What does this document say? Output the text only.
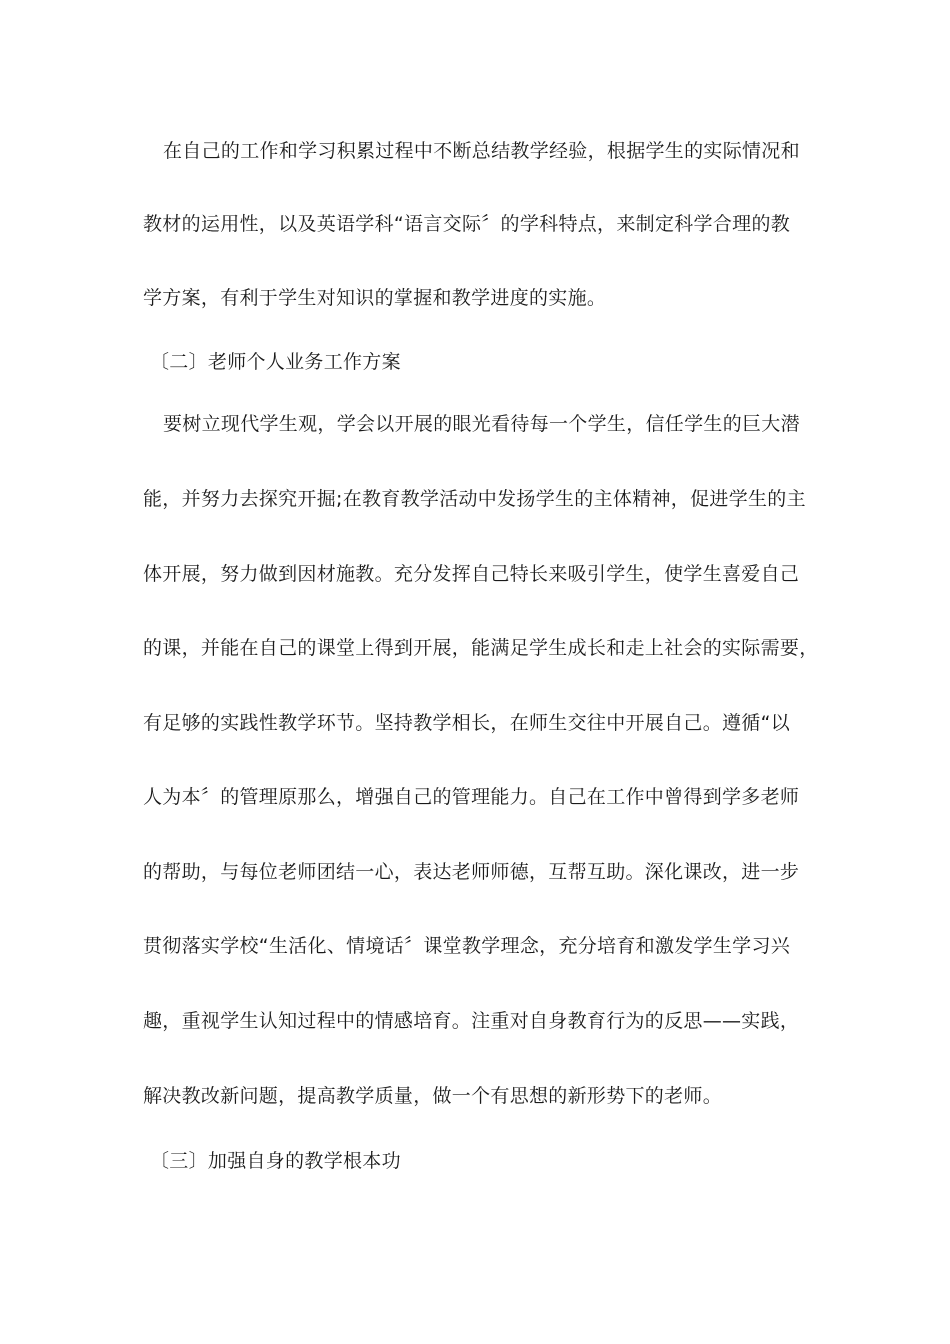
在自己的工作和学习积累过程中不断总结教学经验，根据学生的实际情况和
教材的运用性，以及英语学科“语言交际〞的学科特点，来制定科学合理的教
学方案，有利于学生对知识的掌握和教学进度的实施。
〔二〕老师个人业务工作方案
要树立现代学生观，学会以开展的眼光看待每一个学生，信任学生的巨大潜
能，并努力去探究开掘;在教育教学活动中发扬学生的主体精神，促进学生的主
体开展，努力做到因材施教。充分发挥自己特长来吸引学生，使学生喜爱自己
的课，并能在自己的课堂上得到开展，能满足学生成长和走上社会的实际需要，
有足够的实践性教学环节。坚持教学相长，在师生交往中开展自己。遵循“以
人为本〞的管理原那么，增强自己的管理能力。自己在工作中曾得到学多老师
的帮助，与每位老师团结一心，表达老师师德，互帮互助。深化课改，进一步
贯彻落实学校“生活化、情境话〞课堂教学理念，充分培育和激发学生学习兴
趣，重视学生认知过程中的情感培育。注重对自身教育行为的反思——实践，
解决教改新问题，提高教学质量，做一个有思想的新形势下的老师。
〔三〕加强自身的教学根本功
